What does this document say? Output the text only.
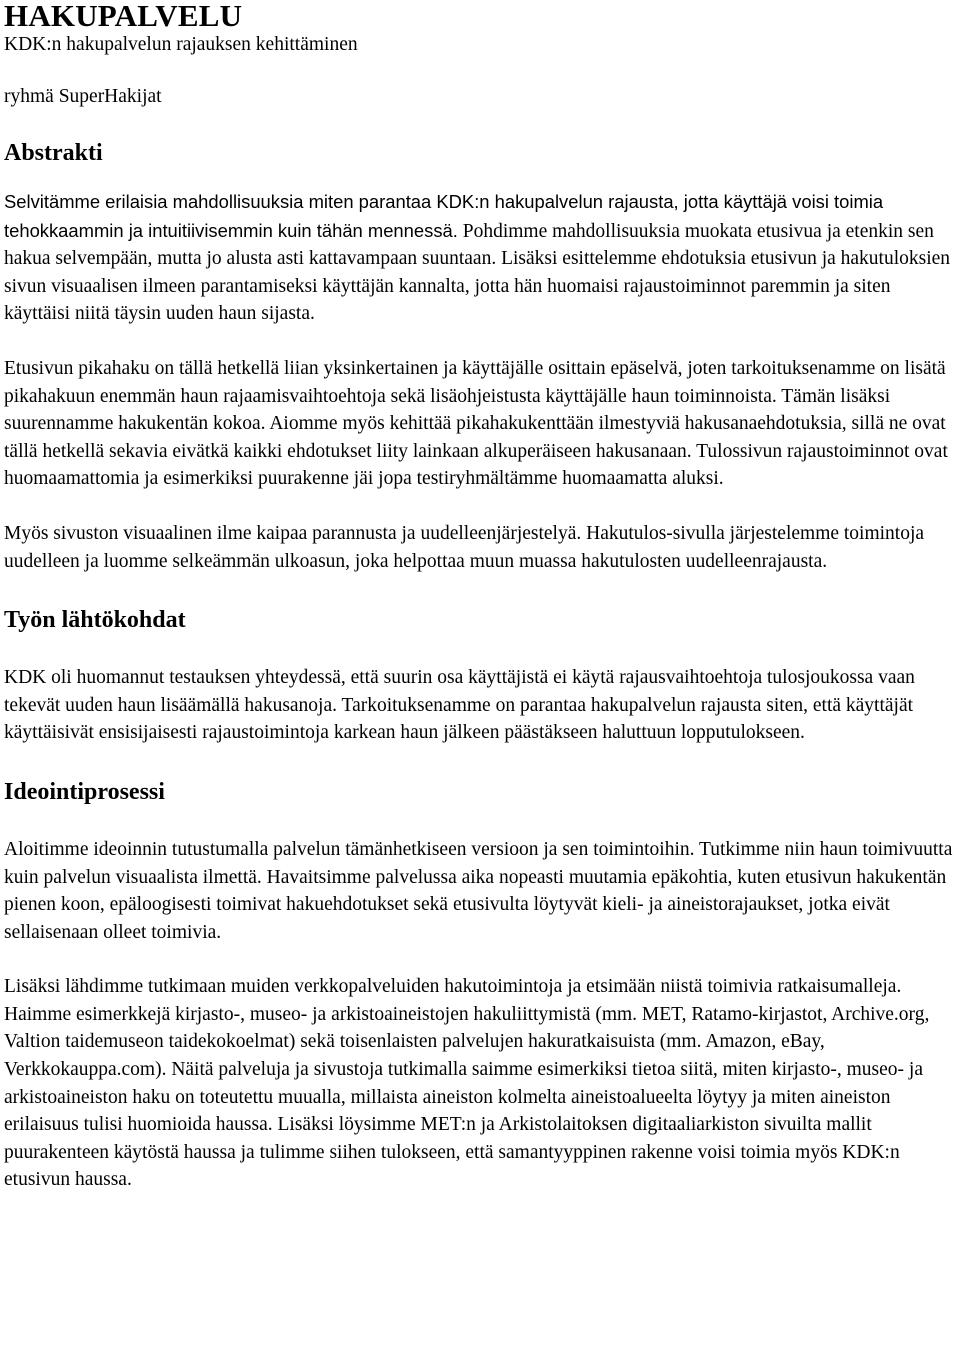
HAKUPALVELU

KDK:n hakupalvelun rajauksen kehittäminen

ryhmä SuperHakijat

Abstrakti

Selvitämme erilaisia mahdollisuuksia miten parantaa KDK:n hakupalvelun rajausta, jotta käyttäjä voisi toimia tehokkaammin ja intuitiivisemmin kuin tähän mennessä. Pohdimme mahdollisuuksia muokata etusivua ja etenkin sen hakua selvempään, mutta jo alusta asti kattavampaan suuntaan. Lisäksi esittelemme ehdotuksia etusivun ja hakutuloksien sivun visuaalisen ilmeen parantamiseksi käyttäjän kannalta, jotta hän huomaisi rajaustoiminnot paremmin ja siten käyttäisi niitä täysin uuden haun sijasta.

Etusivun pikahaku on tällä hetkellä liian yksinkertainen ja käyttäjälle osittain epäselvä, joten tarkoituksenamme on lisätä pikahakuun enemmän haun rajaamisvaihtoehtoja sekä lisäohjeistusta käyttäjälle haun toiminnoista. Tämän lisäksi suurennamme hakukentän kokoa. Aiomme myös kehittää pikahakukenttään ilmestyviä hakusanaehdotuksia, sillä ne ovat tällä hetkellä sekavia eivätkä kaikki ehdotukset liity lainkaan alkuperäiseen hakusanaan. Tulossivun rajaustoiminnot ovat huomaamattomia ja esimerkiksi puurakenne jäi jopa testiryhmältämme huomaamatta aluksi.

Myös sivuston visuaalinen ilme kaipaa parannusta ja uudelleenjärjestelyä. Hakutulos-sivulla järjestelemme toimintoja uudelleen ja luomme selkeämmän ulkoasun, joka helpottaa muun muassa hakutulosten uudelleenrajausta.

Työn lähtökohdat

KDK oli huomannut testauksen yhteydessä, että suurin osa käyttäjistä ei käytä rajausvaihtoehtoja tulosjoukossa vaan tekevät uuden haun lisäämällä hakusanoja. Tarkoituksenamme on parantaa hakupalvelun rajausta siten, että käyttäjät käyttäisivät ensisijaisesti rajaustoimintoja karkean haun jälkeen päästäkseen haluttuun lopputulokseen.

Ideointiprosessi

Aloitimme ideoinnin tutustumalla palvelun tämänhetkiseen versioon ja sen toimintoihin. Tutkimme niin haun toimivuutta kuin palvelun visuaalista ilmettä. Havaitsimme palvelussa aika nopeasti muutamia epäkohtia, kuten etusivun hakukentän pienen koon, epäloogisesti toimivat hakuehdotukset sekä etusivulta löytyvät kieli- ja aineistorajaukset, jotka eivät sellaisenaan olleet toimivia.

Lisäksi lähdimme tutkimaan muiden verkkopalveluiden hakutoimintoja ja etsimään niistä toimivia ratkaisumalleja. Haimme esimerkkejä kirjasto-, museo- ja arkistoaineistojen hakuliittymistä (mm. MET, Ratamo-kirjastot, Archive.org, Valtion taidemuseon taidekokoelmat) sekä toisenlaisten palvelujen hakuratkaisuista (mm. Amazon, eBay, Verkkokauppa.com). Näitä palveluja ja sivustoja tutkimalla saimme esimerkiksi tietoa siitä, miten kirjasto-, museo- ja arkistoaineiston haku on toteutettu muualla, millaista aineiston kolmelta aineistoalueelta löytyy ja miten aineiston erilaisuus tulisi huomioida haussa. Lisäksi löysimme MET:n ja Arkistolaitoksen digitaaliarkiston sivuilta mallit puurakenteen käytöstä haussa ja tulimme siihen tulokseen, että samantyyppinen rakenne voisi toimia myös KDK:n etusivun haussa.
